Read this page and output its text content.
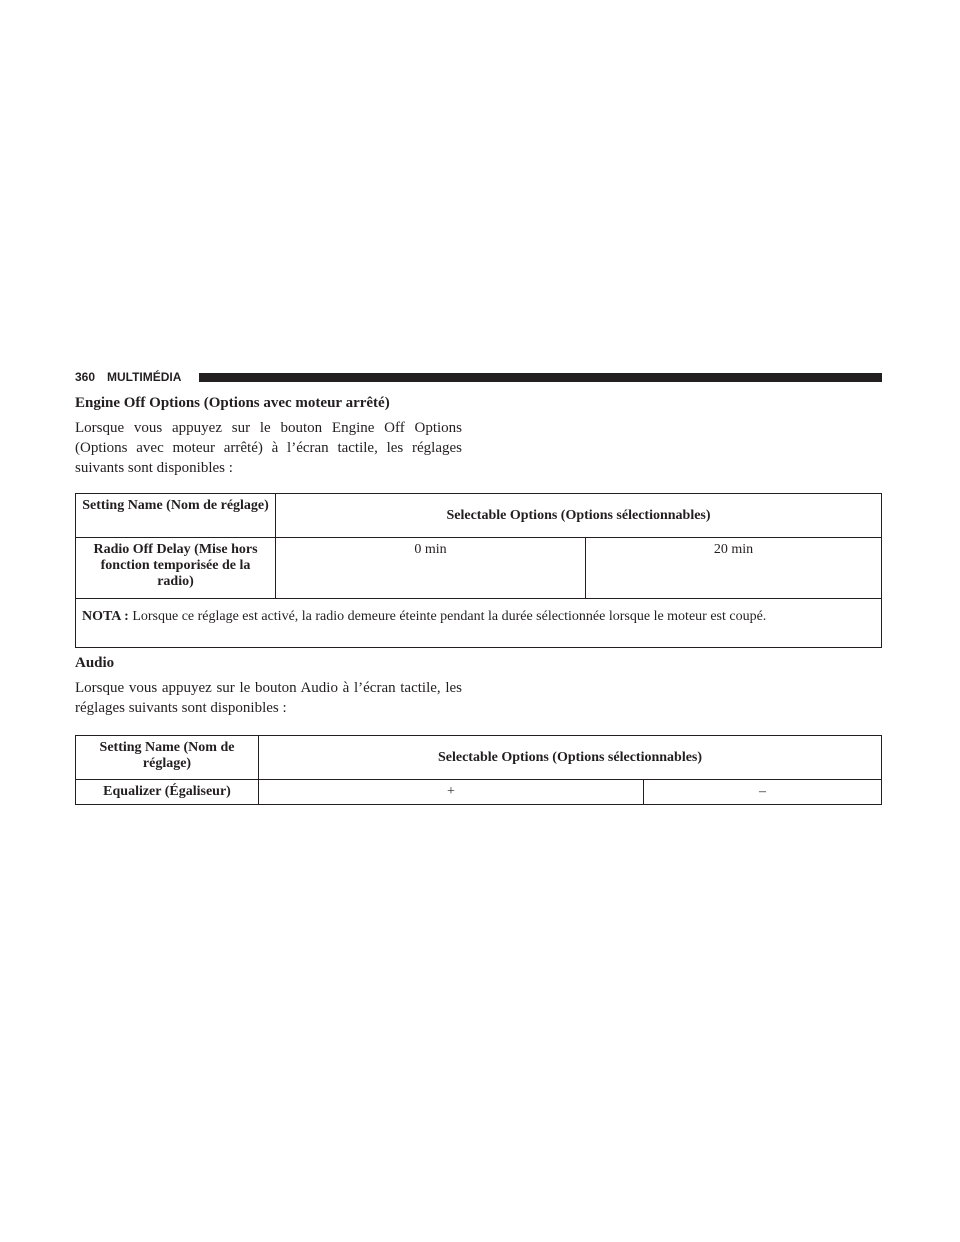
360 MULTIMÉDIA
Engine Off Options (Options avec moteur arrêté)

Lorsque vous appuyez sur le bouton Engine Off Options (Options avec moteur arrêté) à l’écran tactile, les réglages suivants sont disponibles :

Setting Name (Nom de réglage)	Selectable Options (Options sélectionnables)	
Radio Off Delay (Mise hors fonction temporisée de la radio)	0 min	20 min
NOTA : Lorsque ce réglage est activé, la radio demeure éteinte pendant la durée sélectionnée lorsque le moteur est coupé.		
Audio

Lorsque vous appuyez sur le bouton Audio à l’écran tactile, les réglages suivants sont disponibles :

Setting Name (Nom de réglage)	Selectable Options (Options sélectionnables)	
Equalizer (Égaliseur)	+	–
